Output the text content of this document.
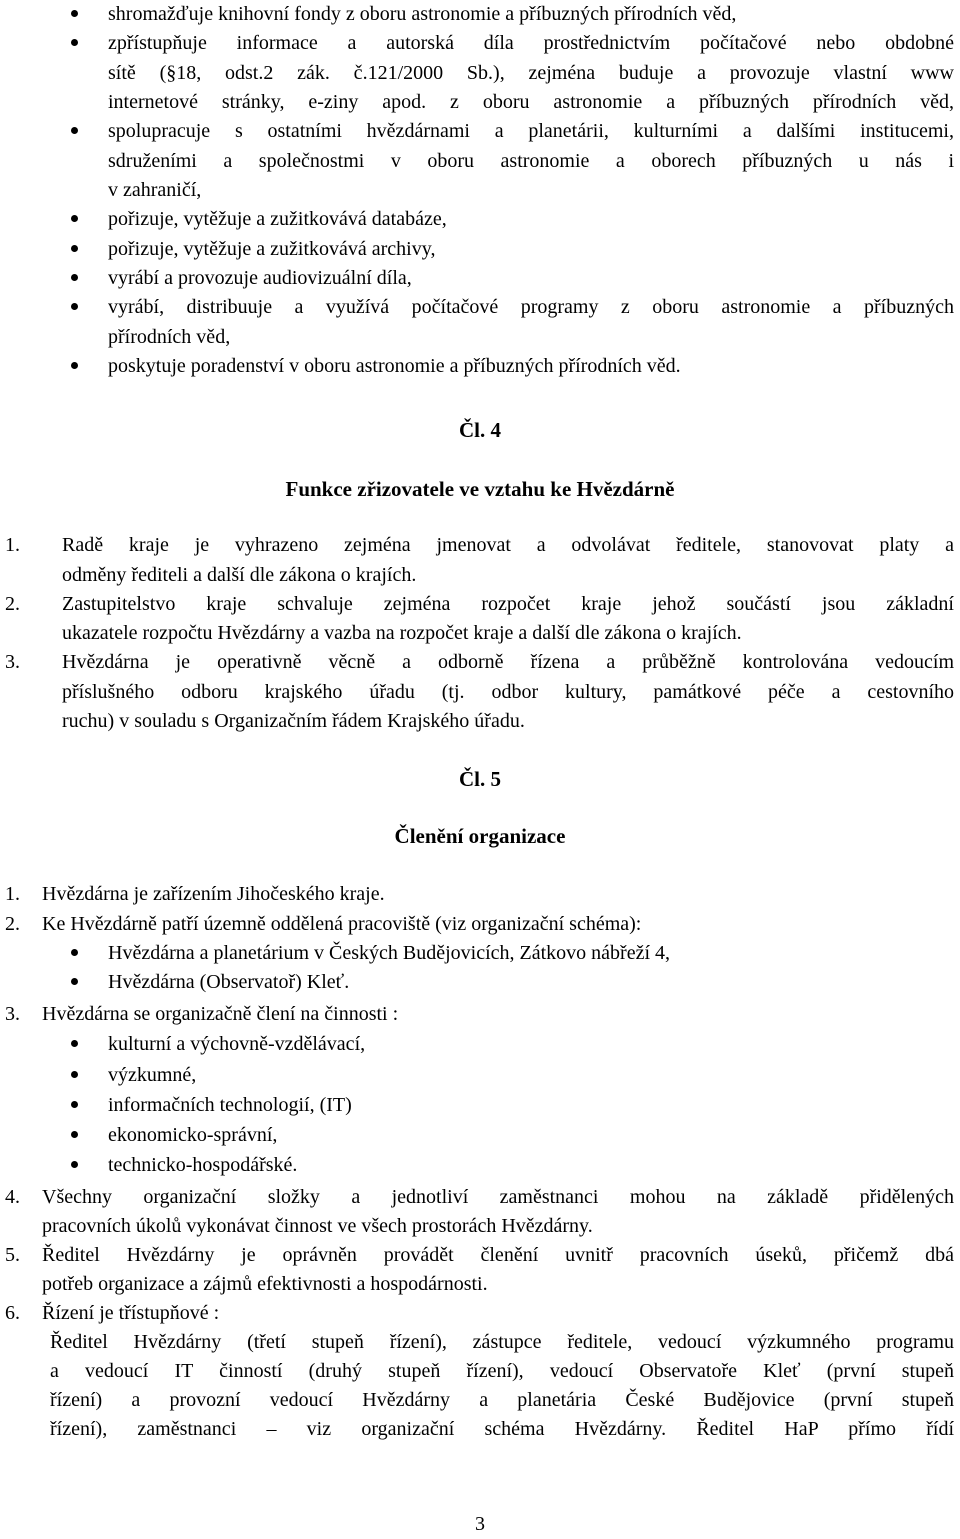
shromažďuje knihovní fondy z oboru astronomie a příbuzných přírodních věd,
zpřístupňuje informace a autorská díla prostřednictvím počítačové nebo obdobné
sítě (§18, odst.2 zák. č.121/2000 Sb.), zejména buduje a provozuje vlastní www
internetové stránky, e-ziny apod. z oboru astronomie a příbuzných přírodních věd,
spolupracuje s ostatními hvězdárnami a planetárii, kulturními a dalšími institucemi,
sdruženími a společnostmi v oboru astronomie a oborech příbuzných u nás i
v zahraničí,
pořizuje, vytěžuje a zužitkovává databáze,
pořizuje, vytěžuje a zužitkovává archivy,
vyrábí a provozuje audiovizuální díla,
vyrábí, distribuuje a využívá počítačové programy z oboru astronomie a příbuzných
přírodních věd,
poskytuje poradenství v oboru astronomie a příbuzných přírodních věd.
Čl. 4
Funkce zřizovatele ve vztahu ke Hvězdárně
1. Radě kraje je vyhrazeno zejména jmenovat a odvolávat ředitele, stanovovat platy a
odměny řediteli a další dle zákona o krajích.
2. Zastupitelstvo kraje schvaluje zejména rozpočet kraje jehož součástí jsou základní
ukazatele rozpočtu Hvězdárny a vazba na rozpočet kraje a další dle zákona o krajích.
3. Hvězdárna je operativně věcně a odborně řízena a průběžně kontrolována vedoucím
příslušného odboru krajského úřadu (tj. odbor kultury, památkové péče a cestovního
ruchu) v souladu s Organizačním řádem Krajského úřadu.
Čl. 5
Členění organizace
1. Hvězdárna je zařízením Jihočeského kraje.
2. Ke Hvězdárně patří územně oddělená pracoviště (viz organizační schéma):
Hvězdárna a planetárium v Českých Budějovicích, Zátkovo nábřeží 4,
Hvězdárna (Observatoř) Kleť.
3. Hvězdárna se organizačně člení na činnosti :
kulturní a výchovně-vzdělávací,
výzkumné,
informačních technologií, (IT)
ekonomicko-správní,
technicko-hospodářské.
4. Všechny organizační složky a jednotliví zaměstnanci mohou na základě přidělených
pracovních úkolů vykonávat činnost ve všech prostorách Hvězdárny.
5. Ředitel Hvězdárny je oprávněn provádět členění uvnitř pracovních úseků, přičemž dbá
potřeb organizace a zájmů efektivnosti a hospodárnosti.
6. Řízení je třístupňové :
Ředitel Hvězdárny (třetí stupeň řízení), zástupce ředitele, vedoucí výzkumného programu
a vedoucí IT činností (druhý stupeň řízení), vedoucí Observatoře Kleť (první stupeň
řízení) a provozní vedoucí Hvězdárny a planetária České Budějovice (první stupeň
řízení), zaměstnanci – viz organizační schéma Hvězdárny. Ředitel HaP přímo řídí
3
